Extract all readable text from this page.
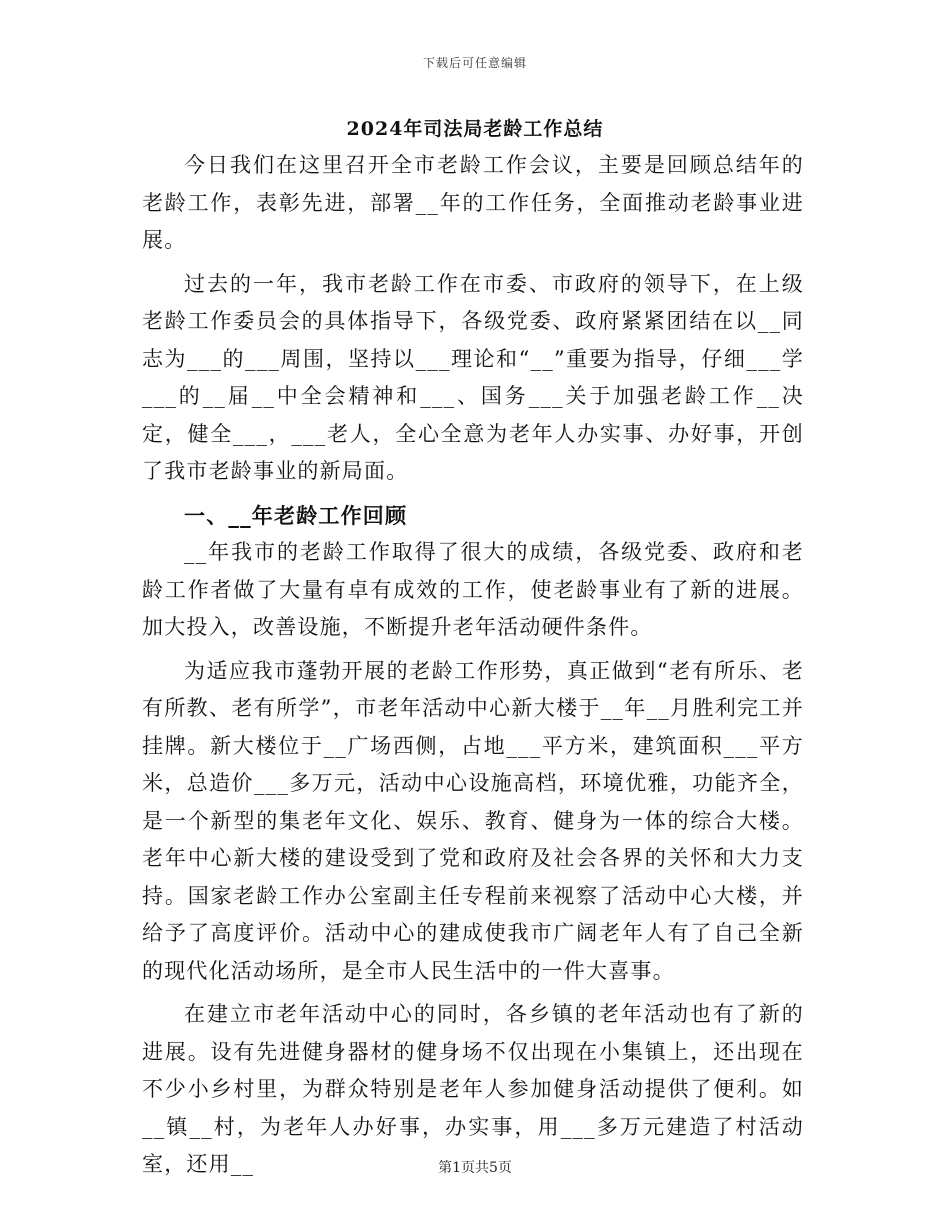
下载后可任意编辑
2024年司法局老龄工作总结

今日我们在这里召开全市老龄工作会议，主要是回顾总结年的老龄工作，表彰先进，部署__年的工作任务，全面推动老龄事业进展。

过去的一年，我市老龄工作在市委、市政府的领导下，在上级老龄工作委员会的具体指导下，各级党委、政府紧紧团结在以__同志为___的___周围，坚持以___理论和“__”重要为指导，仔细___学___的__届__中全会精神和___、国务___关于加强老龄工作__决定，健全___，___老人，全心全意为老年人办实事、办好事，开创了我市老龄事业的新局面。

一、__年老龄工作回顾

__年我市的老龄工作取得了很大的成绩，各级党委、政府和老龄工作者做了大量有卓有成效的工作，使老龄事业有了新的进展。加大投入，改善设施，不断提升老年活动硬件条件。

为适应我市蓬勃开展的老龄工作形势，真正做到“老有所乐、老有所教、老有所学”，市老年活动中心新大楼于__年__月胜利完工并挂牌。新大楼位于__广场西侧，占地___平方米，建筑面积___平方米，总造价___多万元，活动中心设施高档，环境优雅，功能齐全，是一个新型的集老年文化、娱乐、教育、健身为一体的综合大楼。老年中心新大楼的建设受到了党和政府及社会各界的关怀和大力支持。国家老龄工作办公室副主任专程前来视察了活动中心大楼，并给予了高度评价。活动中心的建成使我市广阔老年人有了自己全新的现代化活动场所，是全市人民生活中的一件大喜事。

在建立市老年活动中心的同时，各乡镇的老年活动也有了新的进展。设有先进健身器材的健身场不仅出现在小集镇上，还出现在不少小乡村里，为群众特别是老年人参加健身活动提供了便利。如__镇__村，为老年人办好事，办实事，用___多万元建造了村活动室，还用__	第1页共5页
